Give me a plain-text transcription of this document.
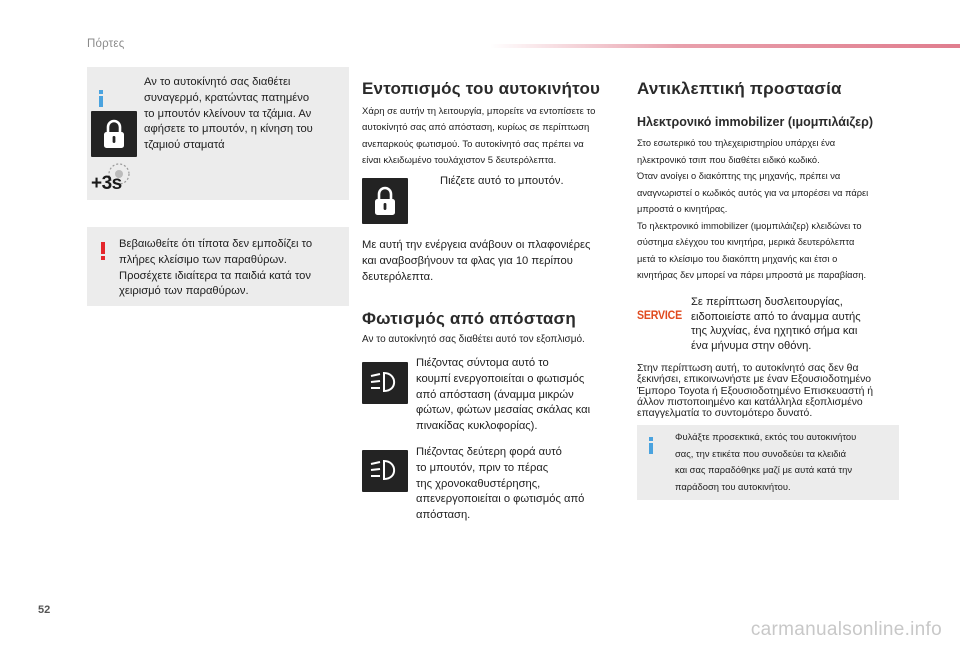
Πόρτες
+3s
Αν το αυτοκίνητό σας διαθέτει
συναγερμό, κρατώντας πατημένο
το μπουτόν κλείνουν τα τζάμια. Αν
αφήσετε το μπουτόν, η κίνηση του
τζαμιού σταματά
Βεβαιωθείτε ότι τίποτα δεν εμποδίζει το
πλήρες κλείσιμο των παραθύρων.
Προσέχετε ιδιαίτερα τα παιδιά κατά τον
χειρισμό των παραθύρων.
Εντοπισμός του αυτοκινήτου
Χάρη σε αυτήν τη λειτουργία, μπορείτε να εντοπίσετε το
αυτοκίνητό σας από απόσταση, κυρίως σε περίπτωση
ανεπαρκούς φωτισμού. Το αυτοκίνητό σας πρέπει να
είναι κλειδωμένο τουλάχιστον 5 δευτερόλεπτα.
Πιέζετε αυτό το μπουτόν.
Με αυτή την ενέργεια ανάβουν οι πλαφονιέρες
και αναβοσβήνουν τα φλας για 10 περίπου
δευτερόλεπτα.
Φωτισμός από απόσταση
Αν το αυτοκίνητό σας διαθέτει αυτό τον εξοπλισμό.
Πιέζοντας σύντομα αυτό το
κουμπί ενεργοποιείται ο φωτισμός
από απόσταση (άναμμα μικρών
φώτων, φώτων μεσαίας σκάλας και
πινακίδας κυκλοφορίας).
Πιέζοντας δεύτερη φορά αυτό
το μπουτόν, πριν το πέρας
της χρονοκαθυστέρησης,
απενεργοποιείται ο φωτισμός από
απόσταση.
Αντικλεπτική προστασία
Ηλεκτρονικό immobilizer (ιμομπιλάιζερ)
Στο εσωτερικό του τηλεχειριστηρίου υπάρχει ένα
ηλεκτρονικό τσιπ που διαθέτει ειδικό κωδικό.
Όταν ανοίγει ο διακόπτης της μηχανής, πρέπει να
αναγνωριστεί ο κωδικός αυτός για να μπορέσει να πάρει
μπροστά ο κινητήρας.
Το ηλεκτρονικό immobilizer (ιμομπιλάιζερ) κλειδώνει το
σύστημα ελέγχου του κινητήρα, μερικά δευτερόλεπτα
μετά το κλείσιμο του διακόπτη μηχανής και έτσι ο
κινητήρας δεν μπορεί να πάρει μπροστά με παραβίαση.
SERVICE
Σε περίπτωση δυσλειτουργίας,
ειδοποιείστε από το άναμμα αυτής
της λυχνίας, ένα ηχητικό σήμα και
ένα μήνυμα στην οθόνη.
Στην περίπτωση αυτή, το αυτοκίνητό σας δεν θα
ξεκινήσει, επικοινωνήστε με έναν Εξουσιοδοτημένο
Έμπορο Toyota ή Εξουσιοδοτημένο Επισκευαστή ή
άλλον πιστοποιημένο και κατάλληλα εξοπλισμένο
επαγγελματία το συντομότερο δυνατό.
Φυλάξτε προσεκτικά, εκτός του αυτοκινήτου
σας, την ετικέτα που συνοδεύει τα κλειδιά
και σας παραδόθηκε μαζί με αυτά κατά την
παράδοση του αυτοκινήτου.
52
carmanualsonline.info
